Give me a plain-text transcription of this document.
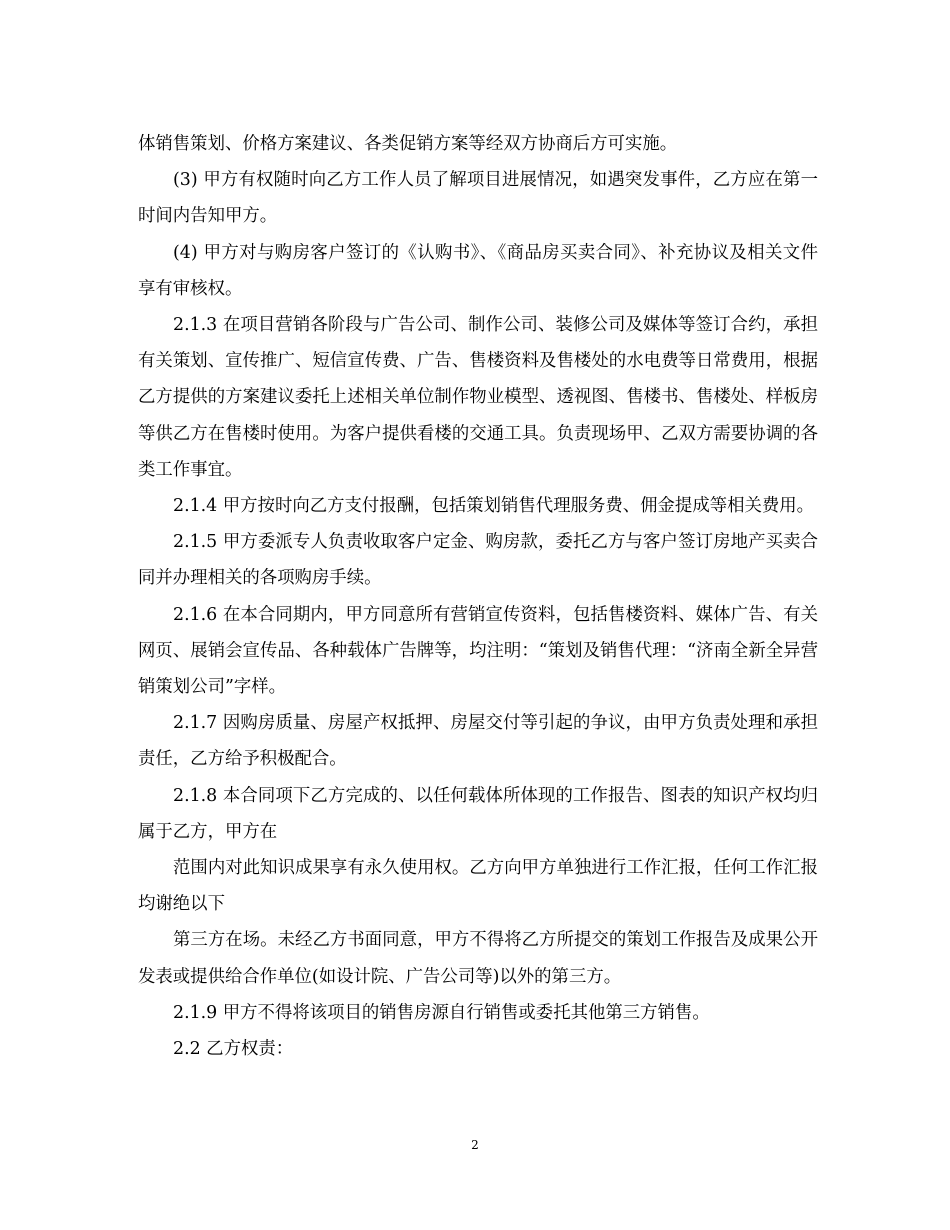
体销售策划、价格方案建议、各类促销方案等经双方协商后方可实施。

(3) 甲方有权随时向乙方工作人员了解项目进展情况，如遇突发事件，乙方应在第一时间内告知甲方。

(4) 甲方对与购房客户签订的《认购书》、《商品房买卖合同》、补充协议及相关文件享有审核权。

2.1.3 在项目营销各阶段与广告公司、制作公司、装修公司及媒体等签订合约，承担有关策划、宣传推广、短信宣传费、广告、售楼资料及售楼处的水电费等日常费用，根据乙方提供的方案建议委托上述相关单位制作物业模型、透视图、售楼书、售楼处、样板房等供乙方在售楼时使用。为客户提供看楼的交通工具。负责现场甲、乙双方需要协调的各类工作事宜。

2.1.4 甲方按时向乙方支付报酬，包括策划销售代理服务费、佣金提成等相关费用。

2.1.5 甲方委派专人负责收取客户定金、购房款，委托乙方与客户签订房地产买卖合同并办理相关的各项购房手续。

2.1.6 在本合同期内，甲方同意所有营销宣传资料，包括售楼资料、媒体广告、有关网页、展销会宣传品、各种载体广告牌等，均注明：“策划及销售代理：“济南全新全异营销策划公司”字样。

2.1.7 因购房质量、房屋产权抵押、房屋交付等引起的争议，由甲方负责处理和承担责任，乙方给予积极配合。

2.1.8 本合同项下乙方完成的、以任何载体所体现的工作报告、图表的知识产权均归属于乙方，甲方在

范围内对此知识成果享有永久使用权。乙方向甲方单独进行工作汇报，任何工作汇报均谢绝以下

第三方在场。未经乙方书面同意，甲方不得将乙方所提交的策划工作报告及成果公开发表或提供给合作单位(如设计院、广告公司等)以外的第三方。

2.1.9 甲方不得将该项目的销售房源自行销售或委托其他第三方销售。

2.2 乙方权责：

2
